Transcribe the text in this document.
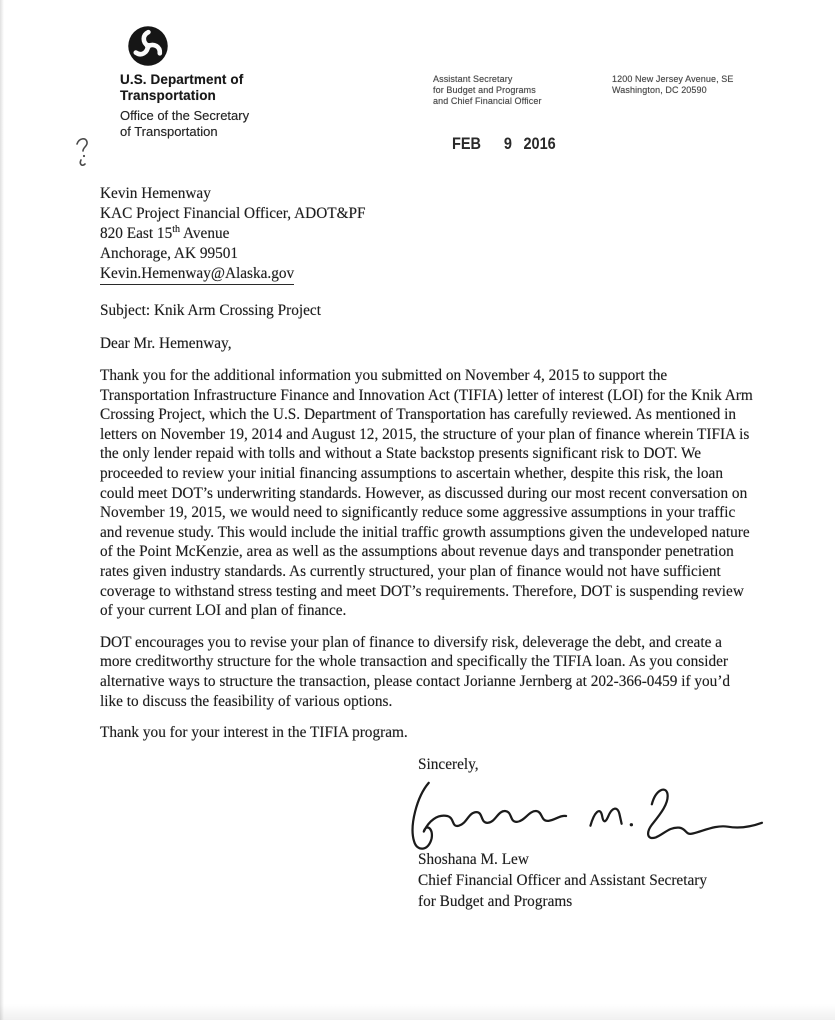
U.S. Department of
Transportation
Office of the Secretary
of Transportation
Assistant Secretary
for Budget and Programs
and Chief Financial Officer
1200 New Jersey Avenue, SE
Washington, DC 20590
FEB 9 2016
Kevin Hemenway
KAC Project Financial Officer, ADOT&PF
820 East 15th Avenue
Anchorage, AK 99501
Kevin.Hemenway@Alaska.gov

Subject: Knik Arm Crossing Project

Dear Mr. Hemenway,

Thank you for the additional information you submitted on November 4, 2015 to support the Transportation Infrastructure Finance and Innovation Act (TIFIA) letter of interest (LOI) for the Knik Arm Crossing Project, which the U.S. Department of Transportation has carefully reviewed. As mentioned in letters on November 19, 2014 and August 12, 2015, the structure of your plan of finance wherein TIFIA is the only lender repaid with tolls and without a State backstop presents significant risk to DOT. We proceeded to review your initial financing assumptions to ascertain whether, despite this risk, the loan could meet DOT’s underwriting standards. However, as discussed during our most recent conversation on November 19, 2015, we would need to significantly reduce some aggressive assumptions in your traffic and revenue study. This would include the initial traffic growth assumptions given the undeveloped nature of the Point McKenzie, area as well as the assumptions about revenue days and transponder penetration rates given industry standards. As currently structured, your plan of finance would not have sufficient coverage to withstand stress testing and meet DOT’s requirements. Therefore, DOT is suspending review of your current LOI and plan of finance.

DOT encourages you to revise your plan of finance to diversify risk, deleverage the debt, and create a more creditworthy structure for the whole transaction and specifically the TIFIA loan. As you consider alternative ways to structure the transaction, please contact Jorianne Jernberg at 202-366-0459 if you’d like to discuss the feasibility of various options.

Thank you for your interest in the TIFIA program.

Sincerely,

Shoshana M. Lew
Chief Financial Officer and Assistant Secretary
for Budget and Programs
